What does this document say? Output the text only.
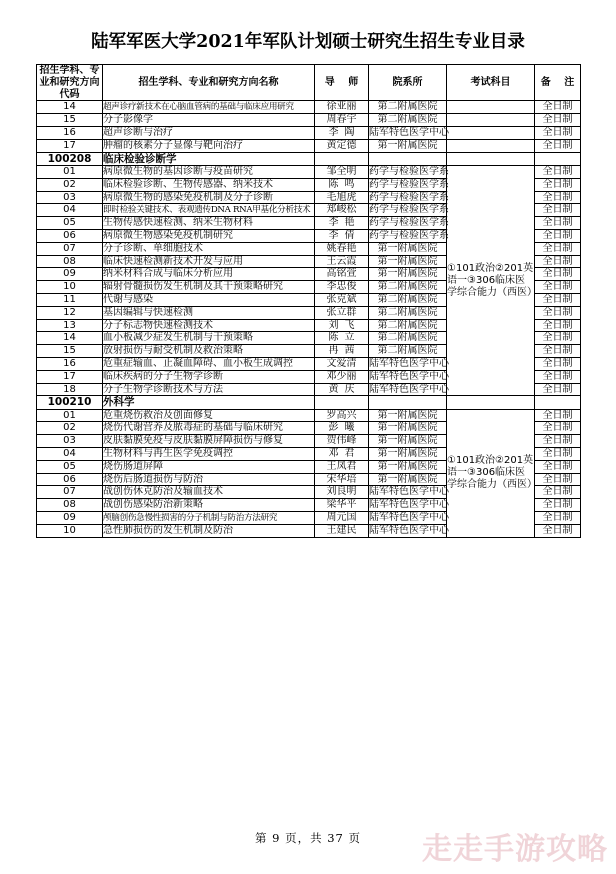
陆军军医大学2021年军队计划硕士研究生招生专业目录
招生学科、专业和研究方向代码	招生学科、专业和研究方向名称	导 师	院系所	考试科目	备 注
14	超声诊疗新技术在心脑血管病的基础与临床应用研究	徐亚丽	第二附属医院		全日制
15	分子影像学	周春宇	第二附属医院		全日制
16	超声诊断与治疗	李陶	陆军特色医学中心		全日制
17	肿瘤的核素分子显像与靶向治疗	黄定德	第一附属医院		全日制
100208	临床检验诊断学				
01	病原微生物的基因诊断与疫苗研究	邹全明	药学与检验医学系	①101政治②201英语一③306临床医学综合能力（西医）	全日制
02	临床检验诊断、生物传感器、纳米技术	陈鸣	药学与检验医学系		全日制
03	病原微生物的感染免疫机制及分子诊断	毛旭虎	药学与检验医学系		全日制
04	即时检验关键技术、表观遗传DNA RNA甲基化分析技术	郑峻松	药学与检验医学系		全日制
05	生物传感快速检测、纳米生物材料	李艳	药学与检验医学系		全日制
06	病原微生物感染免疫机制研究	李倩	药学与检验医学系		全日制
07	分子诊断、单细胞技术	姚春艳	第一附属医院		全日制
08	临床快速检测新技术开发与应用	王云霞	第一附属医院		全日制
09	纳米材料合成与临床分析应用	高铭萱	第一附属医院		全日制
10	辐射骨髓损伤发生机制及其干预策略研究	李忠俊	第二附属医院		全日制
11	代谢与感染	张克斌	第二附属医院		全日制
12	基因编辑与快速检测	张立群	第二附属医院		全日制
13	分子标志物快速检测技术	刘飞	第二附属医院		全日制
14	血小板减少症发生机制与干预策略	陈立	第二附属医院		全日制
15	放射损伤与耐受机制及救治策略	冉茜	第二附属医院		全日制
16	危重症输血、止凝血障碍、血小板生成调控	文爱清	陆军特色医学中心		全日制
17	临床疾病的分子生物学诊断	邓少丽	陆军特色医学中心		全日制
18	分子生物学诊断技术与方法	黄庆	陆军特色医学中心		全日制
100210	外科学				
01	危重烧伤救治及创面修复	罗高兴	第一附属医院	①101政治②201英语一③306临床医学综合能力（西医）	全日制
02	烧伤代谢营养及脓毒症的基础与临床研究	彭曦	第一附属医院		全日制
03	皮肤黏膜免疫与皮肤黏膜屏障损伤与修复	贺伟峰	第一附属医院		全日制
04	生物材料与再生医学免疫调控	邓君	第一附属医院		全日制
05	烧伤肠道屏障	王凤君	第一附属医院		全日制
06	烧伤后肠道损伤与防治	宋华培	第一附属医院		全日制
07	战创伤休克防治及输血技术	刘良明	陆军特色医学中心		全日制
08	战创伤感染防治新策略	梁华平	陆军特色医学中心		全日制
09	颅脑创伤急慢性损害的分子机制与防治方法研究	周元国	陆军特色医学中心		全日制
10	急性肺损伤的发生机制及防治	王建民	陆军特色医学中心		全日制
第 9 页，共 37 页	走走手游攻略
